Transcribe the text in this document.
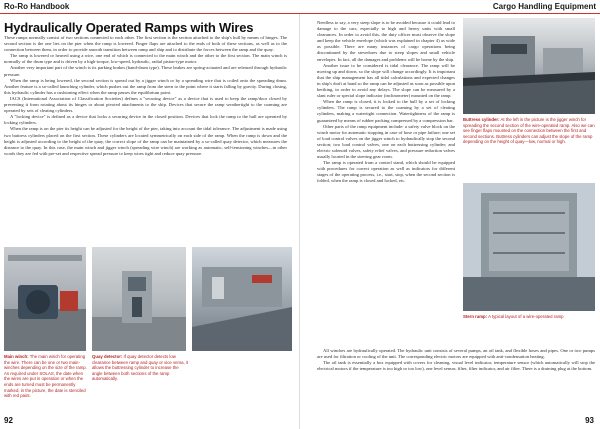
Ro-Ro Handbook	Cargo Handling Equipment
Hydraulically Operated Ramps with Wires

These ramps normally consist of two sections connected to each other. The first section is the section attached to the ship's hull by means of hinges. The second section is the one lies on the pier when the ramp is lowered. Finger flaps are attached to the ends of both of these sections, as well as to the connection between them, in order to provide smooth transition between ramp and ship and to distribute the forces between the ramp and the quay.

The ramp is lowered or heaved using a wire, one end of which is connected to the main winch and the other to the first section. The main winch is normally of the drum type and is driven by a high-torque, low-speed, hydraulic, radial piston-type motor.

Another very important part of the winch is its parking brakes (band-drum type). These brakes are spring-actuated and are released through hydraulic pressure.

When the ramp is being lowered, the second section is spread out by a jigger winch or by a spreading wire that is coiled onto the spreading drum. Another feature is a so-called launching cylinder, which pushes out the ramp from the stern to the point where it starts falling by gravity. During closing, this hydraulic cylinder has a cushioning effect when the ramp passes the equilibrium point.

IACS (International Association of Classification Societies) defines a "securing device" as a device that is used to keep the ramp/door closed by preventing it from rotating about its hinges or about pivoted attachments to the ship. Devices that secure the ramp weathertight to the coaming are operated by sets of cleating cylinders.

A "locking device" is defined as a device that locks a securing device in the closed position. Devices that lock the ramp to the hull are operated by locking cylinders.

When the ramp is on the pier its height can be adjusted for the height of the pier, taking into account the tidal tolerance. The adjustment is made using two buttress cylinders placed on the first section. These cylinders are located symmetrically on each side of the ramp. When the ramp is down and the height is adjusted according to the height of the quay, the correct slope of the ramp can be maintained by a so-called quay detector, which measures the distance to the quay. In this case, the main winch and jigger winch (spreading wire winch) are working as automatic, self-tensioning winches—in other words they are fed with pre-set and respective spread pressure to keep wires tight and reduce quay pressure.

Main winch: The main winch for operating the wire. There can be one or two main-winches depending on the size of the ramp. As required under SOLAS, the date when the wires are put in operation or when the ends are turned must be permanently marked, in the picture, the date is stenciled with red paint.
Quay detector: If quay detector detects low clearance between ramp and quay or vice versa, it allows the buttressing cylinder to increase the angle between both sections of the ramp automatically.

Needless to say, a very steep slope is to be avoided because it could lead to damage to the cars, especially to high and heavy units with small clearances. In order to avoid this, the duty officer must observe the slope and keep the vehicle envelope (which was explained in chapter 4) as wide as possible. There are many instances of cargo operations being discontinued by the stevedores due to steep slopes and small vehicle envelopes. In fact, all the damages and problems will be borne by the ship.

Another issue to be considered is tidal clearance. The ramp will be moving up and down, so the slope will change accordingly. It is important that the ship management has all tidal calculations and expected changes in ship's draft at hand so the ramp can be adjusted as soon as possible upon berthing, in order to avoid any delays. The slope can be measured by a slant ruler or special slope indicator (inclinometer) mounted on the ramp.

When the ramp is closed, it is locked to the hull by a set of locking cylinders. The ramp is secured to the coaming by a set of cleating cylinders, making a watertight connection. Watertightness of the ramp is guaranteed by means of rubber packing compressed by a compression bar.

Other parts of the ramp equipment include: a safety valve block on the winch motor for automatic stopping in case of hose or pipe failure; one set of load control valves on the jigger winch to hydraulically stop the second section; two load control valves, one on each buttressing cylinder; and electric solenoid valves, safety relief valves, and pressure reduction valves usually located in the steering gear room.

The ramp is operated from a control stand, which should be equipped with procedures for correct operation as well as indicators for different stages of the operating process, i.e., start, stop, when the second section is folded, when the ramp is closed and locked, etc.

Buttress cylinder: At the left in the picture is the jigger winch for spreading the second section of the wire-operated ramp. Also we can see finger flaps mounted on the connection between the first and second sections. Buttress cylinders can adjust the slope of the ramp depending on the height of quay—low, normal or high.
Stern ramp: A typical layout of a wire-operated ramp

All winches are hydraulically operated. The hydraulic unit consists of several pumps, an oil tank, and flexible hoses and pipes. One or two pumps are used for filtration or cooling of the unit. The corresponding electric motors are equipped with anti-condensation heating.

The oil tank is essentially a box equipped with covers for cleaning, visual level indicator, temperature sensor (which automatically will stop the electrical motors if the temperature is too high or too low), one level sensor, filter, filter indicator, and air filter. There is a draining plug at the bottom.

92	93
